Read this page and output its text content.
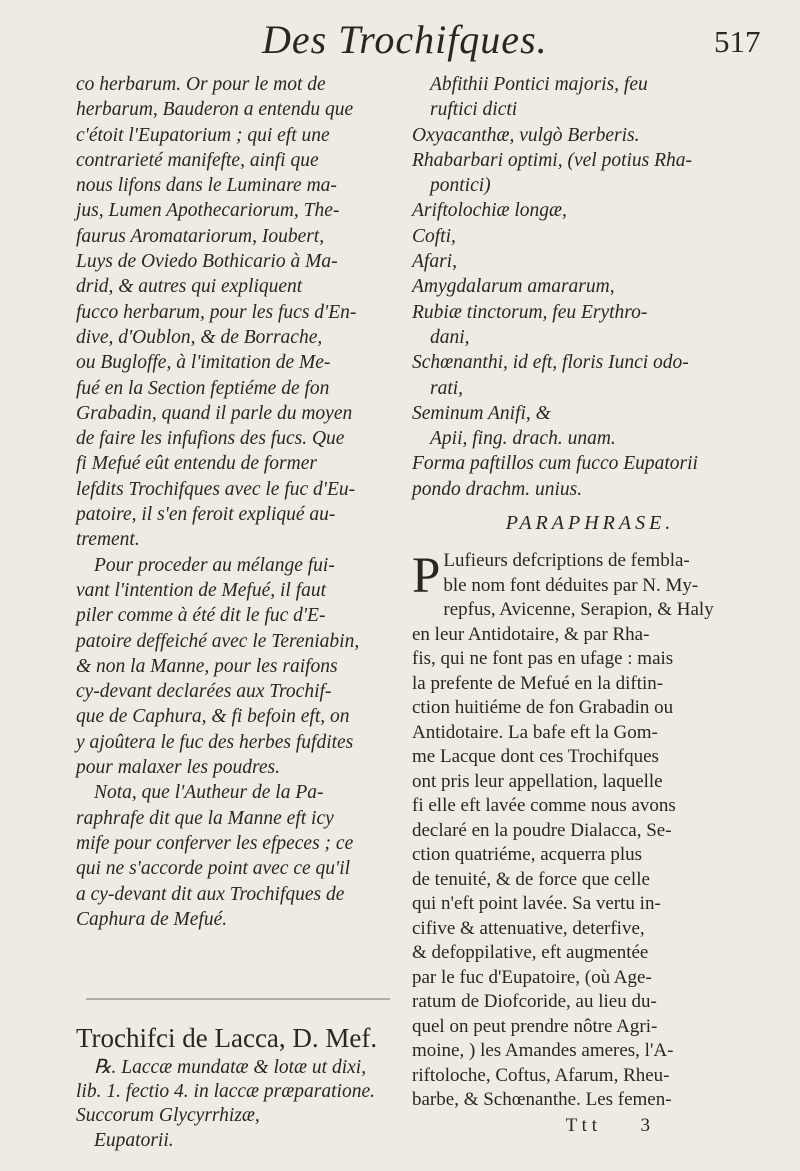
Des Trochifques.	517
co herbarum. Or pour le mot de
herbarum, Bauderon a entendu que
c'étoit l'Eupatorium ; qui eft une
contrarieté manifefte, ainfi que
nous lifons dans le Luminare ma-
jus, Lumen Apothecariorum, The-
faurus Aromatariorum, Ioubert,
Luys de Oviedo Bothicario à Ma-
drid, & autres qui expliquent
fucco herbarum, pour les fucs d'En-
dive, d'Oublon, & de Borrache,
ou Bugloffe, à l'imitation de Me-
fué en la Section feptiéme de fon
Grabadin, quand il parle du moyen
de faire les infufions des fucs. Que
fi Mefué eût entendu de former
lefdits Trochifques avec le fuc d'Eu-
patoire, il s'en feroit expliqué au-
trement.
Pour proceder au mélange fui-
vant l'intention de Mefué, il faut
piler comme à été dit le fuc d'E-
patoire deffeiché avec le Tereniabin,
& non la Manne, pour les raifons
cy-devant declarées aux Trochif-
que de Caphura, & fi befoin eft, on
y ajoûtera le fuc des herbes fufdites
pour malaxer les poudres.
Nota, que l'Autheur de la Pa-
raphrafe dit que la Manne eft icy
mife pour conferver les efpeces ; ce
qui ne s'accorde point avec ce qu'il
a cy-devant dit aux Trochifques de
Caphura de Mefué.
Trochifci de Lacca, D. Mef.
℞. Laccæ mundatæ & lotæ ut dixi,
lib. 1. fectio 4. in laccæ præparatione.
Succorum Glycyrrhizæ,
Eupatorii.
Abfithii Pontici majoris, feu
ruftici dicti
Oxyacanthæ, vulgò Berberis.
Rhabarbari optimi, (vel potius Rha-
pontici)
Ariftolochiæ longæ,
Cofti,
Afari,
Amygdalarum amararum,
Rubiæ tinctorum, feu Erythro-
dani,
Schœnanthi, id eft, floris Iunci odo-
rati,
Seminum Anifi, &
Apii, fing. drach. unam.
Forma paftillos cum fucco Eupatorii
pondo drachm. unius.
PARAPHRASE.
P Lufieurs defcriptions de fembla-
ble nom font déduites par N. My-
repfus, Avicenne, Serapion, & Haly
en leur Antidotaire, & par Rha-
fis, qui ne font pas en ufage : mais
la prefente de Mefué en la diftin-
ction huitiéme de fon Grabadin ou
Antidotaire. La bafe eft la Gom-
me Lacque dont ces Trochifques
ont pris leur appellation, laquelle
fi elle eft lavée comme nous avons
declaré en la poudre Dialacca, Se-
ction quatriéme, acquerra plus
de tenuité, & de force que celle
qui n'eft point lavée. Sa vertu in-
cifive & attenuative, deterfive,
& defoppilative, eft augmentée
par le fuc d'Eupatoire, (où Age-
ratum de Diofcoride, au lieu du-
quel on peut prendre nôtre Agri-
moine, ) les Amandes ameres, l'A-
riftoloche, Coftus, Afarum, Rheu-
barbe, & Schœnanthe. Les femen-
T t t 3
